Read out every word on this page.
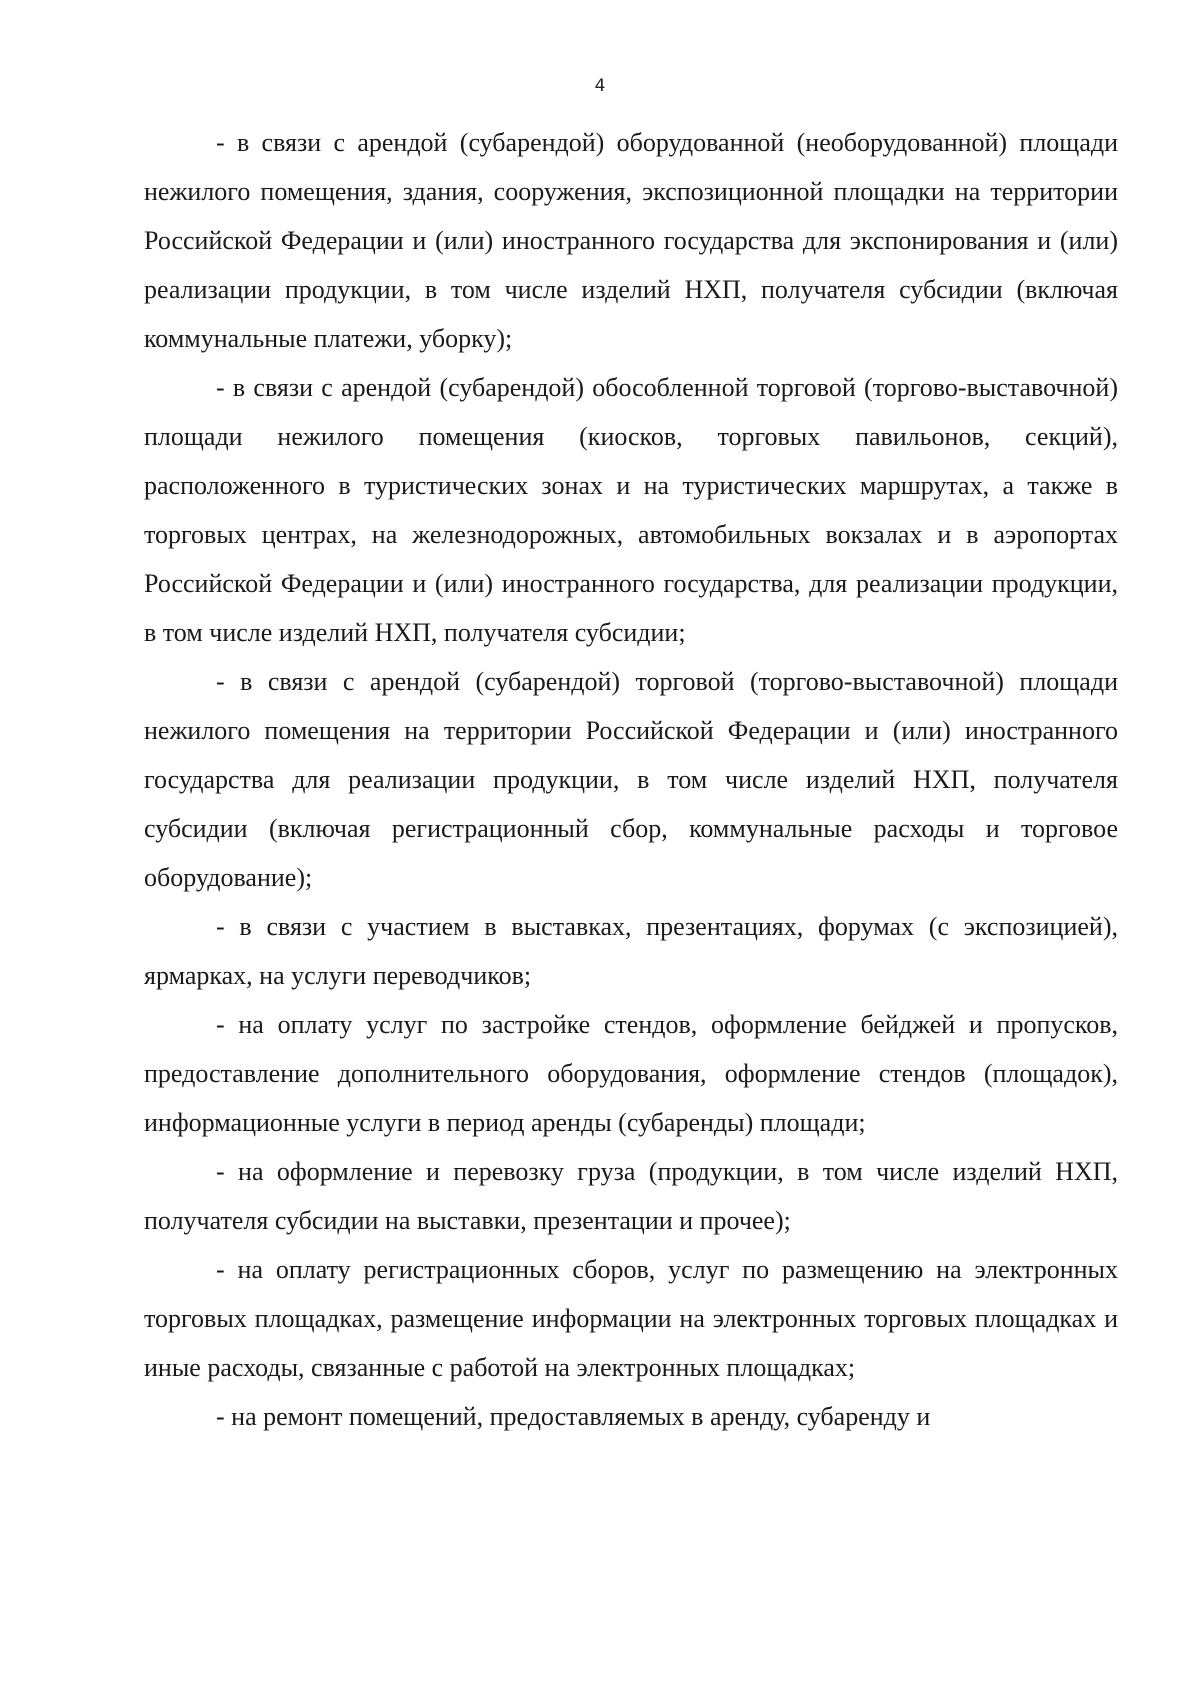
4

- в связи с арендой (субарендой) оборудованной (необорудованной) площади нежилого помещения, здания, сооружения, экспозиционной площадки на территории Российской Федерации и (или) иностранного государства для экспонирования и (или) реализации продукции, в том числе изделий НХП, получателя субсидии (включая коммунальные платежи, уборку);

- в связи с арендой (субарендой) обособленной торговой (торгово-выставочной) площади нежилого помещения (киосков, торговых павильонов, секций), расположенного в туристических зонах и на туристических маршрутах, а также в торговых центрах, на железнодорожных, автомобильных вокзалах и в аэропортах Российской Федерации и (или) иностранного государства, для реализации продукции, в том числе изделий НХП, получателя субсидии;

- в связи с арендой (субарендой) торговой (торгово-выставочной) площади нежилого помещения на территории Российской Федерации и (или) иностранного государства для реализации продукции, в том числе изделий НХП, получателя субсидии (включая регистрационный сбор, коммунальные расходы и торговое оборудование);

- в связи с участием в выставках, презентациях, форумах (с экспозицией), ярмарках, на услуги переводчиков;

- на оплату услуг по застройке стендов, оформление бейджей и пропусков, предоставление дополнительного оборудования, оформление стендов (площадок), информационные услуги в период аренды (субаренды) площади;

- на оформление и перевозку груза (продукции, в том числе изделий НХП, получателя субсидии на выставки, презентации и прочее);

- на оплату регистрационных сборов, услуг по размещению на электронных торговых площадках, размещение информации на электронных торговых площадках и иные расходы, связанные с работой на электронных площадках;

- на ремонт помещений, предоставляемых в аренду, субаренду и
